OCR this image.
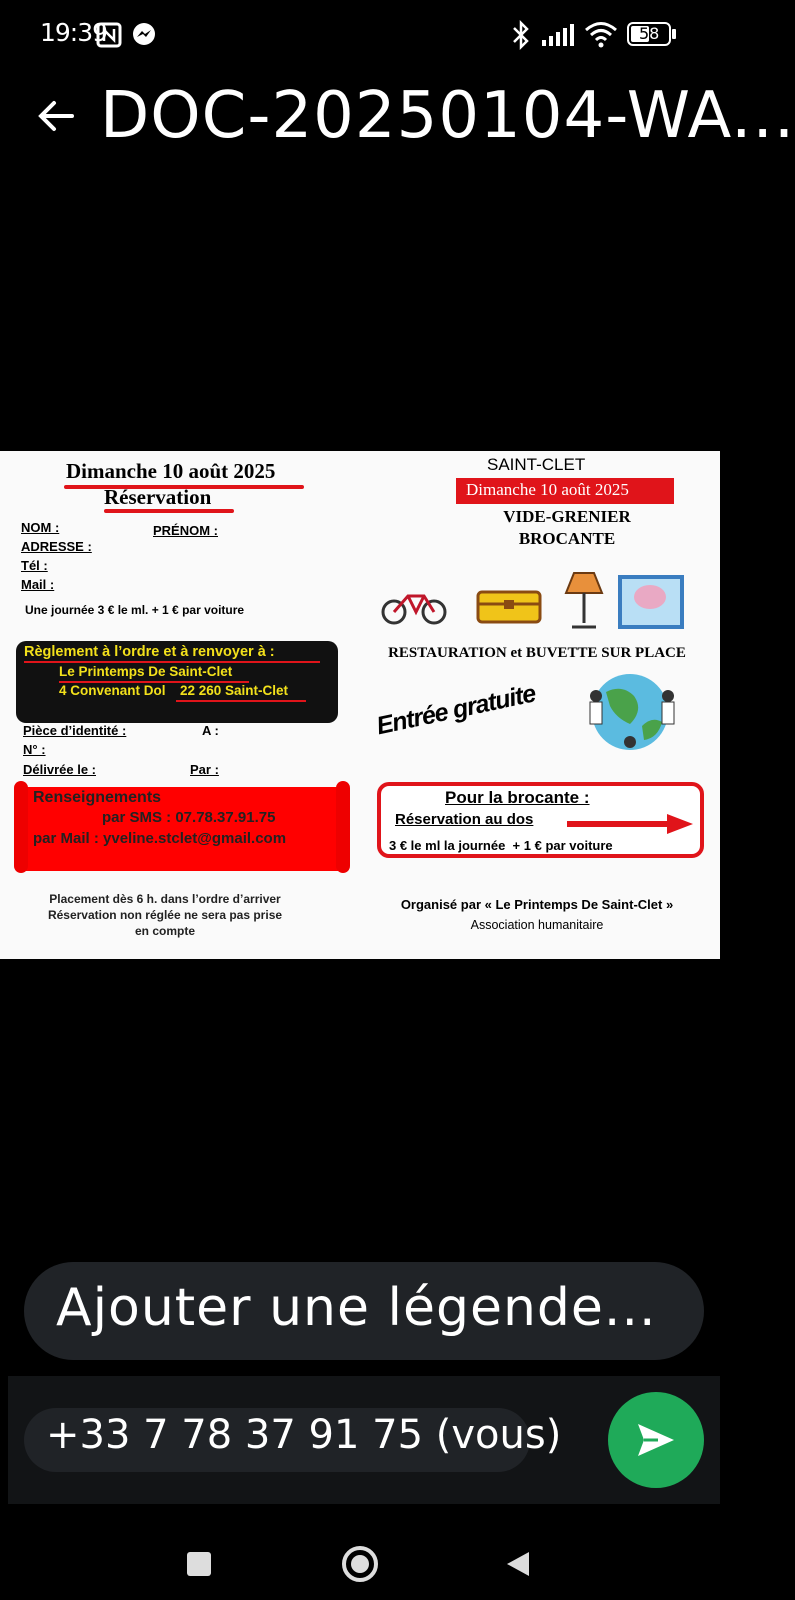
19:39	58
DOC-20250104-WA...
Dimanche 10 août 2025
Réservation
NOM :	PRÉNOM :
ADRESSE :
Tél :
Mail :
Une journée 3 € le ml. + 1 € par voiture
Règlement à l’ordre et à renvoyer à :
Le Printemps De Saint-Clet
4 Convenant Dol 22 260 Saint-Clet
Pièce d’identité :	A :
N° :
Délivrée le :	Par :
Renseignements
par SMS : 07.78.37.91.75
par Mail : yveline.stclet@gmail.com
Placement dès 6 h. dans l’ordre d’arriver
Réservation non réglée ne sera pas prise
en compte
SAINT-CLET
Dimanche 10 août 2025
VIDE-GRENIER
BROCANTE
RESTAURATION et BUVETTE SUR PLACE
Entrée gratuite
Pour la brocante :
Réservation au dos
3 € le ml la journée  + 1 € par voiture
Organisé par « Le Printemps De Saint-Clet »
Association humanitaire
Ajouter une légende...
+33 7 78 37 91 75 (vous)
